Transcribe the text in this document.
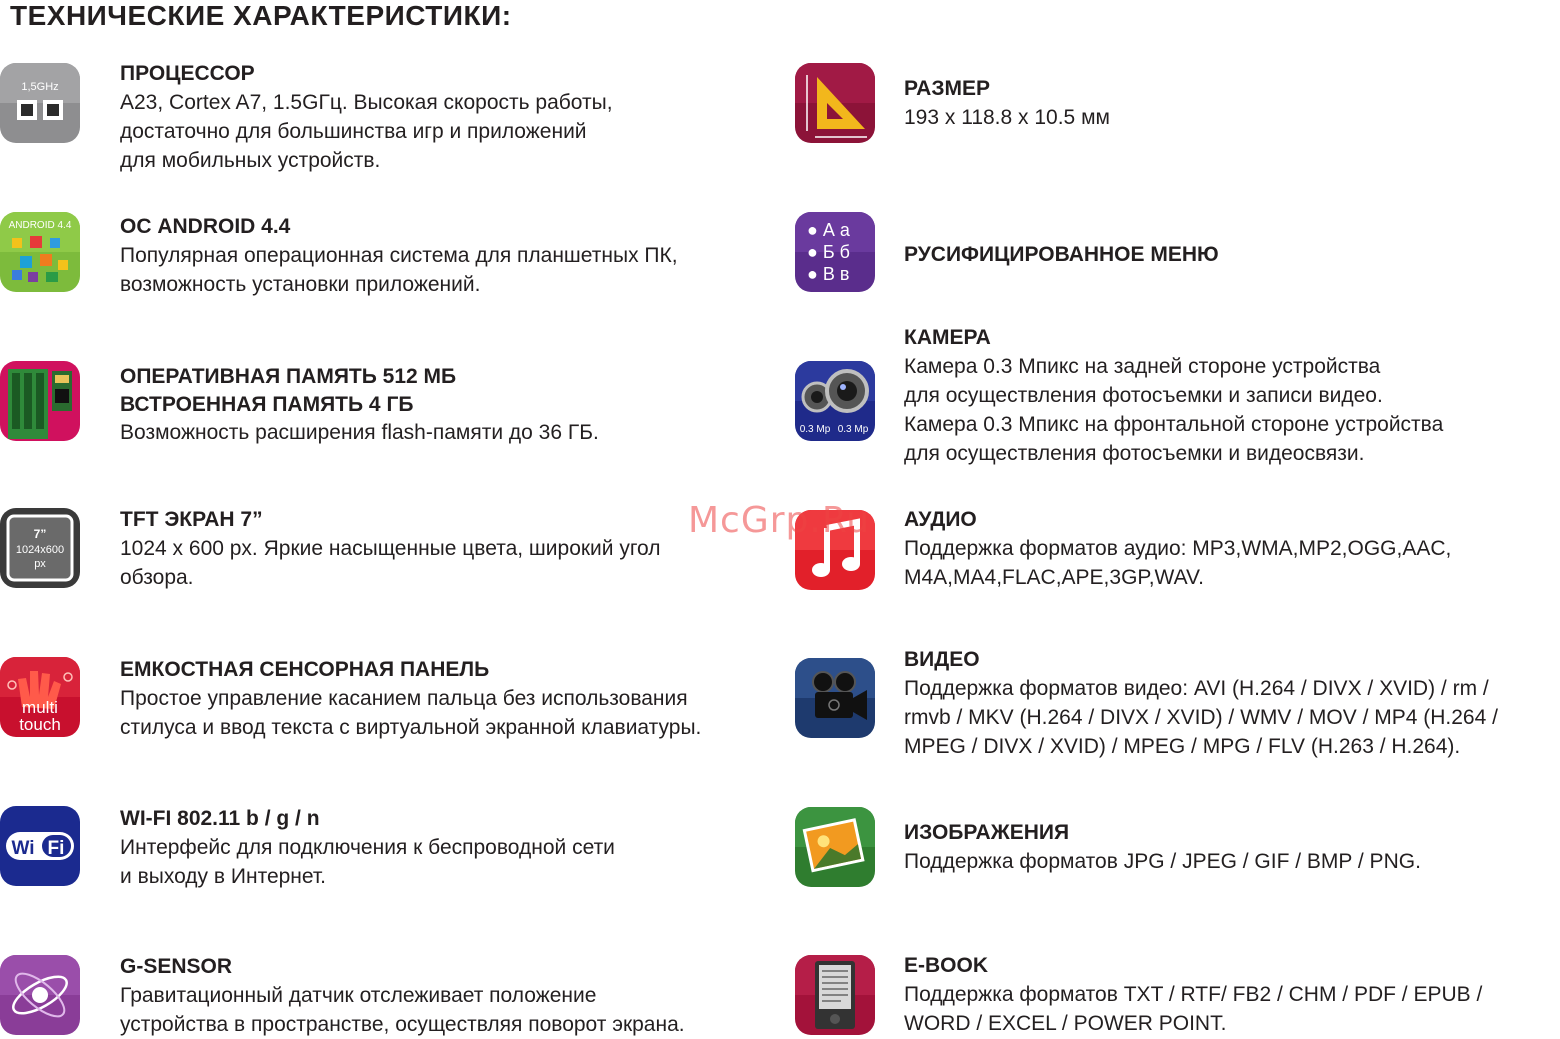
ТЕХНИЧЕСКИЕ ХАРАКТЕРИСТИКИ:
1,5GHz
ПРОЦЕССОР
A23, Cortex A7, 1.5GГц. Высокая скорость работы,
достаточно для большинства игр и приложений
для мобильных устройств.
ANDROID 4.4 ОС ANDROID 4.4
Популярная операционная система для планшетных ПК,
возможность установки приложений.
ОПЕРАТИВНАЯ ПАМЯТЬ 512 МБ
ВСТРОЕННАЯ ПАМЯТЬ 4 ГБ
Возможность расширения flash-памяти до 36 ГБ.
7”
1024x600
px
TFT ЭКРАН 7”
1024 x 600 px. Яркие насыщенные цвета, широкий угол
обзора.
multi
touch
ЕМКОСТНАЯ СЕНСОРНАЯ ПАНЕЛЬ
Простое управление касанием пальца без использования
стилуса и ввод текста с виртуальной экранной клавиатуры.
Wi Fi
WI-FI 802.11 b / g / n
Интерфейс для подключения к беспроводной сети
и выходу в Интернет.
G-SENSOR
Гравитационный датчик отслеживает положение
устройства в пространстве, осуществляя поворот экрана.
РАЗМЕР
193 x 118.8 x 10.5 мм
● А а
● Б б
● В в
РУСИФИЦИРОВАННОЕ МЕНЮ
0.3 Mp 0.3 Mp
КАМЕРА
Камера 0.3 Мпикс на задней стороне устройства
для осуществления фотосъемки и записи видео.
Камера 0.3 Мпикс на фронтальной стороне устройства
для осуществления фотосъемки и видеосвязи.
АУДИО
Поддержка форматов аудио: MP3,WMA,MP2,OGG,AAC,
M4A,MA4,FLAC,APE,3GP,WAV.
ВИДЕО
Поддержка форматов видео: AVI (H.264 / DIVX / XVID) / rm /
rmvb / MKV (H.264 / DIVX / XVID) / WMV / MOV / MP4 (H.264 /
MPEG / DIVX / XVID) / MPEG / MPG / FLV (H.263 / H.264).
ИЗОБРАЖЕНИЯ
Поддержка форматов JPG / JPEG / GIF / BMP / PNG.
E-BOOK
Поддержка форматов TXT / RTF/ FB2 / CHM / PDF / EPUB /
WORD / EXCEL / POWER POINT.
McGrp.Ru
